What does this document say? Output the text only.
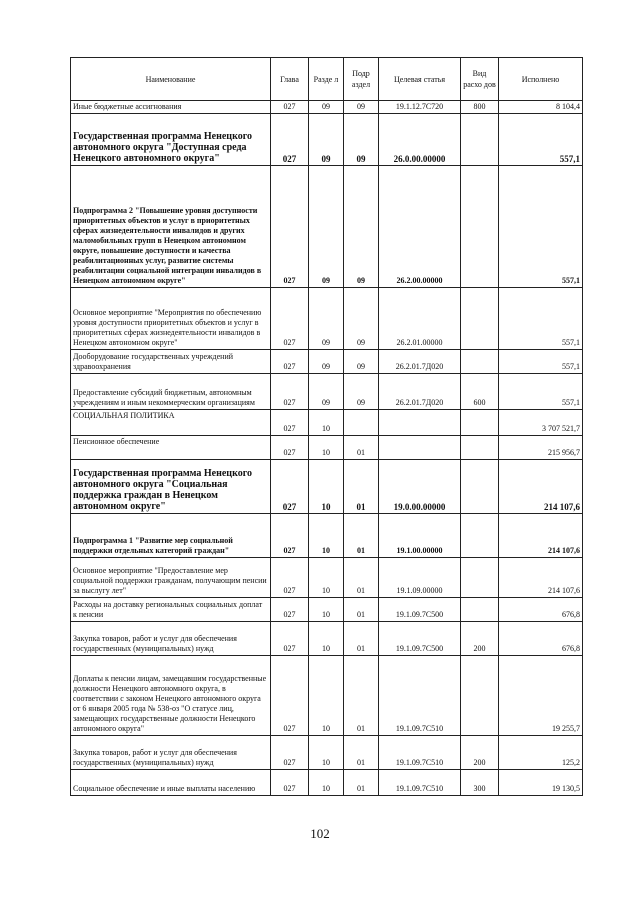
Наименование	Глава	Разде л	Подр аздел	Целевая статья	Вид расхо дов	Исполнено
Иные бюджетные ассигнования	027	09	09	19.1.12.7С720	800	8 104,4
Государственная программа Ненецкого автономного округа "Доступная среда Ненецкого автономного округа"	027	09	09	26.0.00.00000		557,1
Подпрограмма 2 "Повышение уровня доступности приоритетных объектов и услуг в приоритетных сферах жизнедеятельности инвалидов и других маломобильных групп в Ненецком автономном округе, повышение доступности и качества реабилитационных услуг, развитие системы реабилитации социальной интеграции инвалидов в Ненецком автономном округе"	027	09	09	26.2.00.00000		557,1
Основное мероприятие "Мероприятия по обеспечению уровня доступности приоритетных объектов и услуг в приоритетных сферах жизнедеятельности инвалидов в Ненецком автономном округе"	027	09	09	26.2.01.00000		557,1
Дооборудование государственных учреждений здравоохранения	027	09	09	26.2.01.7Д020		557,1
Предоставление субсидий бюджетным, автономным учреждениям и иным некоммерческим организациям	027	09	09	26.2.01.7Д020	600	557,1
СОЦИАЛЬНАЯ ПОЛИТИКА	027	10				3 707 521,7
Пенсионное обеспечение	027	10	01			215 956,7
Государственная программа Ненецкого автономного округа "Социальная поддержка граждан в Ненецком автономном округе"	027	10	01	19.0.00.00000		214 107,6
Подпрограмма 1 "Развитие мер социальной поддержки отдельных категорий граждан"	027	10	01	19.1.00.00000		214 107,6
Основное мероприятие "Предоставление мер социальной поддержки гражданам, получающим пенсии за выслугу лет"	027	10	01	19.1.09.00000		214 107,6
Расходы на доставку региональных социальных доплат к пенсии	027	10	01	19.1.09.7С500		676,8
Закупка товаров, работ и услуг для обеспечения государственных (муниципальных) нужд	027	10	01	19.1.09.7С500	200	676,8
Доплаты к пенсии лицам, замещавшим государственные должности Ненецкого автономного округа, в соответствии с законом Ненецкого автономного округа от 6 января 2005 года № 538-оз "О статусе лиц, замещающих государственные должности Ненецкого автономного округа"	027	10	01	19.1.09.7С510		19 255,7
Закупка товаров, работ и услуг для обеспечения государственных (муниципальных) нужд	027	10	01	19.1.09.7С510	200	125,2
Социальное обеспечение и иные выплаты населению	027	10	01	19.1.09.7С510	300	19 130,5
102
